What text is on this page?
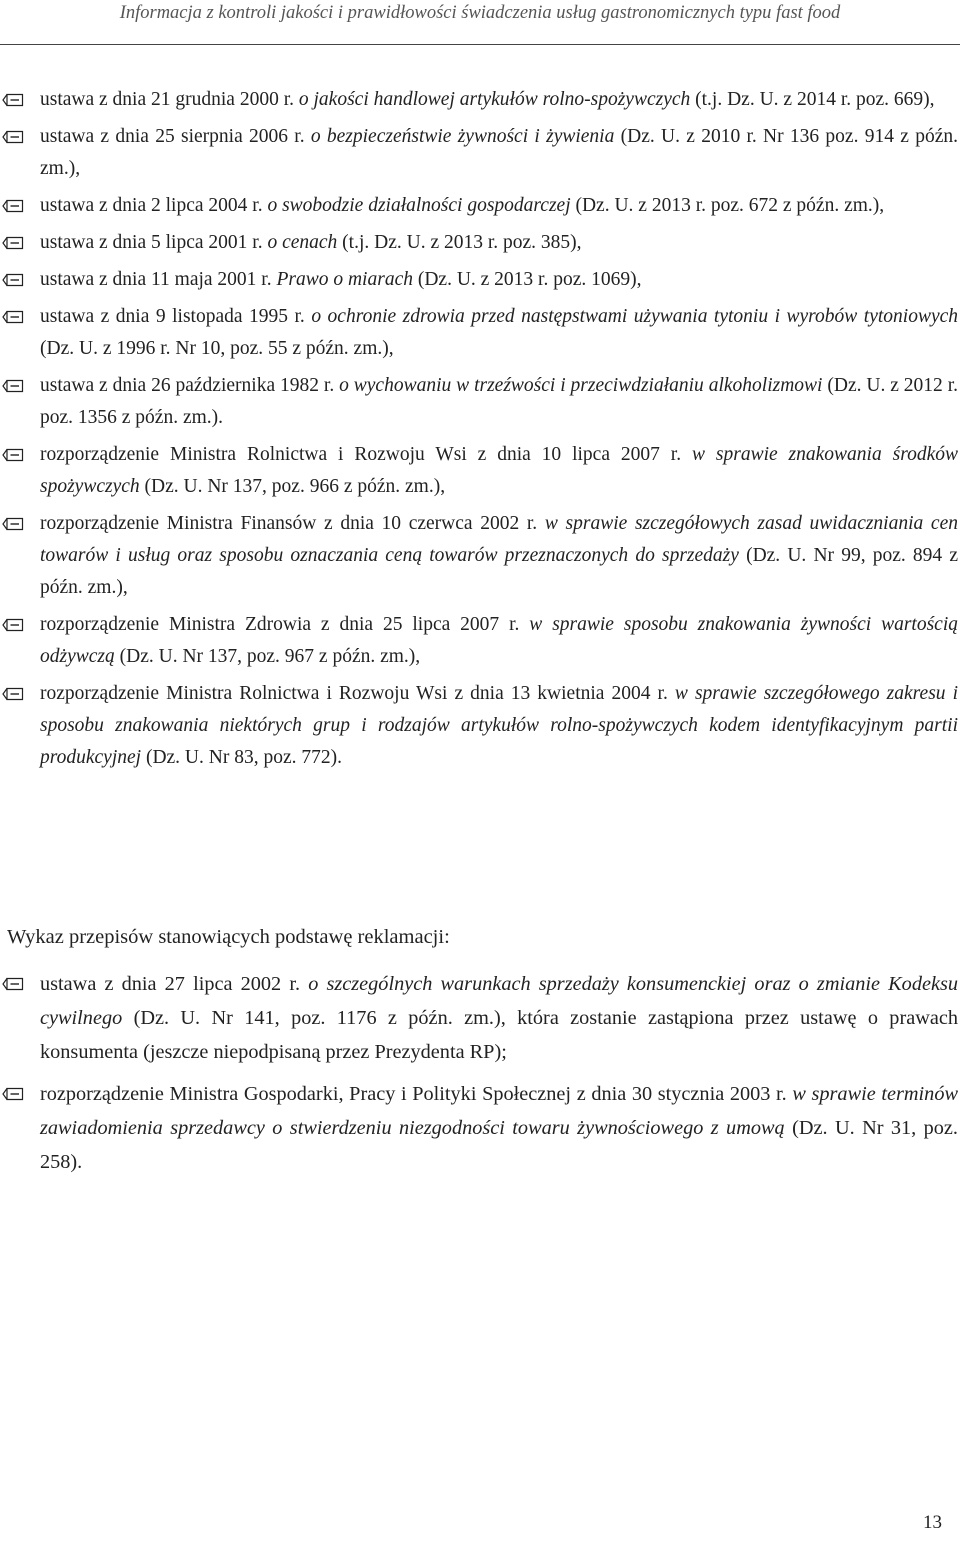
Informacja z kontroli jakości i prawidłowości świadczenia usług gastronomicznych typu fast food
ustawa z dnia 21 grudnia 2000 r. o jakości handlowej artykułów rolno-spożywczych (t.j. Dz. U. z 2014 r. poz. 669),
ustawa z dnia 25 sierpnia 2006 r. o bezpieczeństwie żywności i żywienia (Dz. U. z 2010 r. Nr 136 poz. 914 z późn. zm.),
ustawa z dnia 2 lipca 2004 r. o swobodzie działalności gospodarczej (Dz. U. z 2013 r. poz. 672 z późn. zm.),
ustawa z dnia 5 lipca 2001 r. o cenach (t.j. Dz. U. z 2013 r. poz. 385),
ustawa z dnia 11 maja 2001 r. Prawo o miarach (Dz. U. z 2013 r. poz. 1069),
ustawa z dnia 9 listopada 1995 r. o ochronie zdrowia przed następstwami używania tytoniu i wyrobów tytoniowych (Dz. U. z 1996 r. Nr 10, poz. 55 z późn. zm.),
ustawa z dnia 26 października 1982 r. o wychowaniu w trzeźwości i przeciwdziałaniu alkoholizmowi (Dz. U. z 2012 r. poz. 1356 z późn. zm.).
rozporządzenie Ministra Rolnictwa i Rozwoju Wsi z dnia 10 lipca 2007 r. w sprawie znakowania środków spożywczych (Dz. U. Nr 137, poz. 966 z późn. zm.),
rozporządzenie Ministra Finansów z dnia 10 czerwca 2002 r. w sprawie szczegółowych zasad uwidaczniania cen towarów i usług oraz sposobu oznaczania ceną towarów przeznaczonych do sprzedaży (Dz. U. Nr 99, poz. 894 z późn. zm.),
rozporządzenie Ministra Zdrowia z dnia 25 lipca 2007 r. w sprawie sposobu znakowania żywności wartością odżywczą (Dz. U. Nr 137, poz. 967 z późn. zm.),
rozporządzenie Ministra Rolnictwa i Rozwoju Wsi z dnia 13 kwietnia 2004 r. w sprawie szczegółowego zakresu i sposobu znakowania niektórych grup i rodzajów artykułów rolno-spożywczych kodem identyfikacyjnym partii produkcyjnej (Dz. U. Nr 83, poz. 772).
Wykaz przepisów stanowiących podstawę reklamacji:
ustawa z dnia 27 lipca 2002 r. o szczególnych warunkach sprzedaży konsumenckiej oraz o zmianie Kodeksu cywilnego (Dz. U. Nr 141, poz. 1176 z późn. zm.), która zostanie zastąpiona przez ustawę o prawach konsumenta (jeszcze niepodpisaną przez Prezydenta RP);
rozporządzenie Ministra Gospodarki, Pracy i Polityki Społecznej z dnia 30 stycznia 2003 r. w sprawie terminów zawiadomienia sprzedawcy o stwierdzeniu niezgodności towaru żywnościowego z umową (Dz. U. Nr 31, poz. 258).
13
